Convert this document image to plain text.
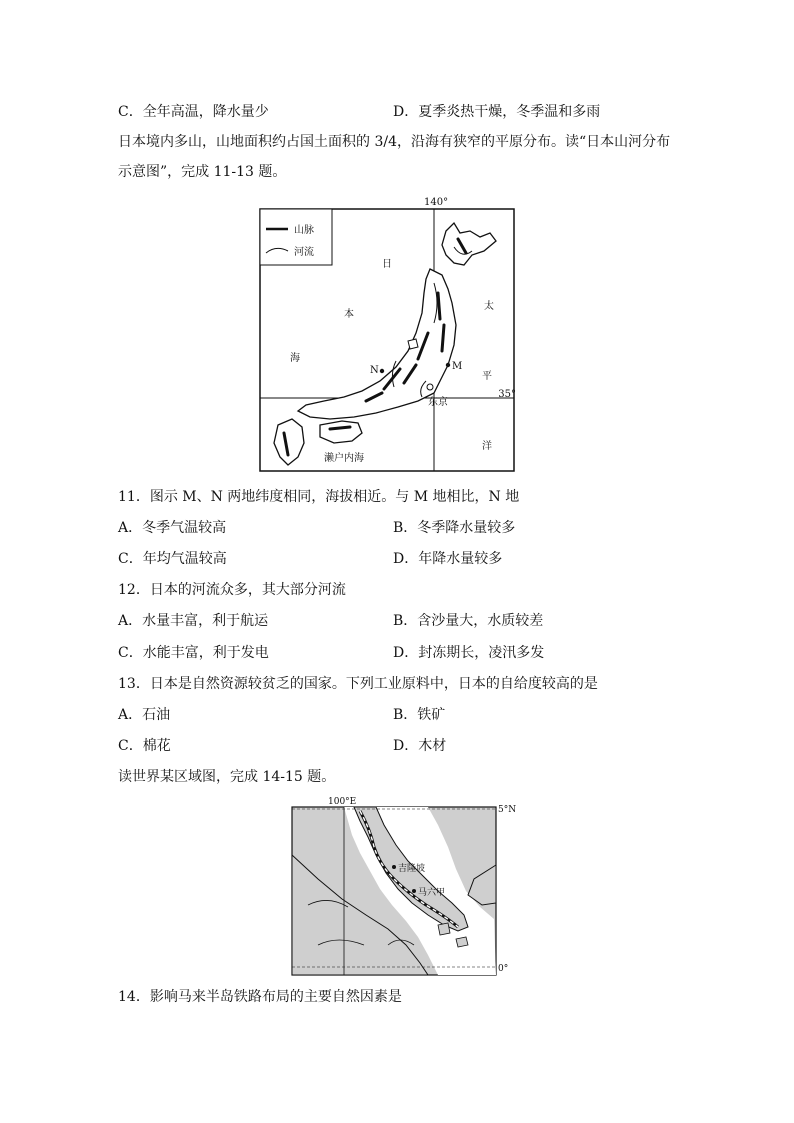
C．全年高温，降水量少	D．夏季炎热干燥，冬季温和多雨
日本境内多山，山地面积约占国土面积的 3/4，沿海有狭窄的平原分布。读“日本山河分布
示意图”，完成 11-13 题。
140°
35°
山脉
河流
M
N
东京
日
本
海
太
平
洋
濑户内海
11．图示 M、N 两地纬度相同，海拔相近。与 M 地相比，N 地
A．冬季气温较高	B．冬季降水量较多
C．年均气温较高	D．年降水量较多
12．日本的河流众多，其大部分河流
A．水量丰富，利于航运	B．含沙量大，水质较差
C．水能丰富，利于发电	D．封冻期长，凌汛多发
13．日本是自然资源较贫乏的国家。下列工业原料中，日本的自给度较高的是
A．石油	B．铁矿
C．棉花	D．木材
读世界某区域图，完成 14-15 题。
100°E
5°N
0°
吉隆坡
马六甲
14．影响马来半岛铁路布局的主要自然因素是
